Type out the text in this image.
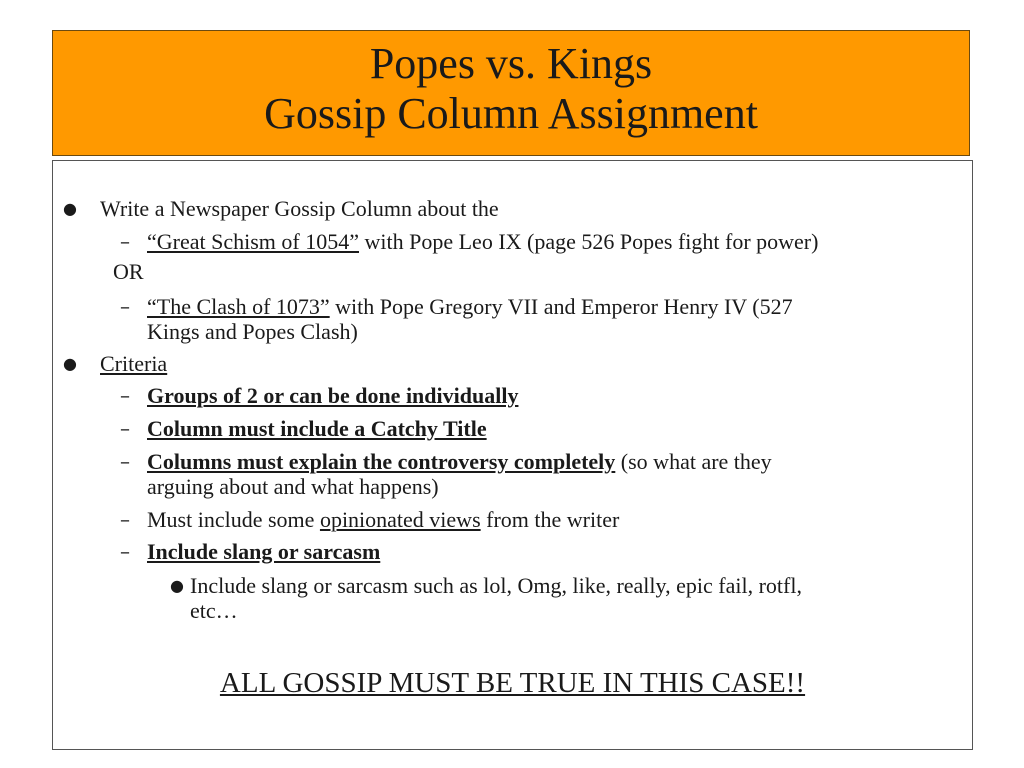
Popes vs. Kings
Gossip Column Assignment
● Write a Newspaper Gossip Column about the
– “Great Schism of 1054” with Pope Leo IX (page 526 Popes fight for power)
OR
– “The Clash of 1073” with Pope Gregory VII and Emperor Henry IV (527
Kings and Popes Clash)
● Criteria
– Groups of 2 or can be done individually
– Column must include a Catchy Title
– Columns must explain the controversy completely (so what are they
arguing about and what happens)
– Must include some opinionated views from the writer
– Include slang or sarcasm
● Include slang or sarcasm such as lol, Omg, like, really, epic fail, rotfl,
etc…
ALL GOSSIP MUST BE TRUE IN THIS CASE!!
